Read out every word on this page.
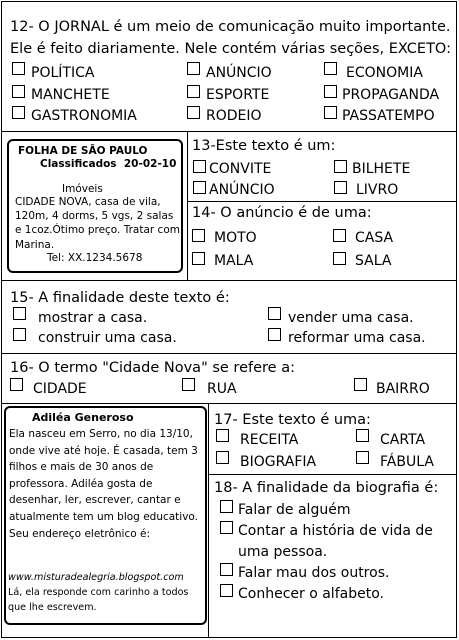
12- O JORNAL é um meio de comunicação muito importante.
Ele é feito diariamente. Nele contém várias seções, EXCETO:
POLÍTICA	ANÚNCIO	ECONOMIA
MANCHETE	ESPORTE	PROPAGANDA
GASTRONOMIA	RODEIO	PASSATEMPO
FOLHA DE SÃO PAULO
Classificados  20-02-10
Imóveis
CIDADE NOVA, casa de vila, 120m, 4 dorms, 5 vgs, 2 salas e 1coz.Ótimo preço. Tratar com Marina.
Tel: XX.1234.5678
13-Este texto é um:
CONVITE	BILHETE
ANÚNCIO	LIVRO
14- O anúncio é de uma:
MOTO	CASA
MALA	SALA
15- A finalidade deste texto é:
mostrar a casa.	vender uma casa.
construir uma casa.	reformar uma casa.
16- O termo "Cidade Nova" se refere a:
CIDADE	RUA	BAIRRO
Adiléa Generoso
Ela nasceu em Serro, no dia 13/10, onde vive até hoje. É casada, tem 3 filhos e mais de 30 anos de professora. Adiléa gosta de desenhar, ler, escrever, cantar e atualmente tem um blog educativo. Seu endereço eletrônico é:
www.misturadealegria.blogspot.com
Lá, ela responde com carinho a todos que lhe escrevem.
17- Este texto é uma:
RECEITA	CARTA
BIOGRAFIA	FÁBULA
18- A finalidade da biografia é:
Falar de alguém
Contar a história de vida de
uma pessoa.
Falar mau dos outros.
Conhecer o alfabeto.
